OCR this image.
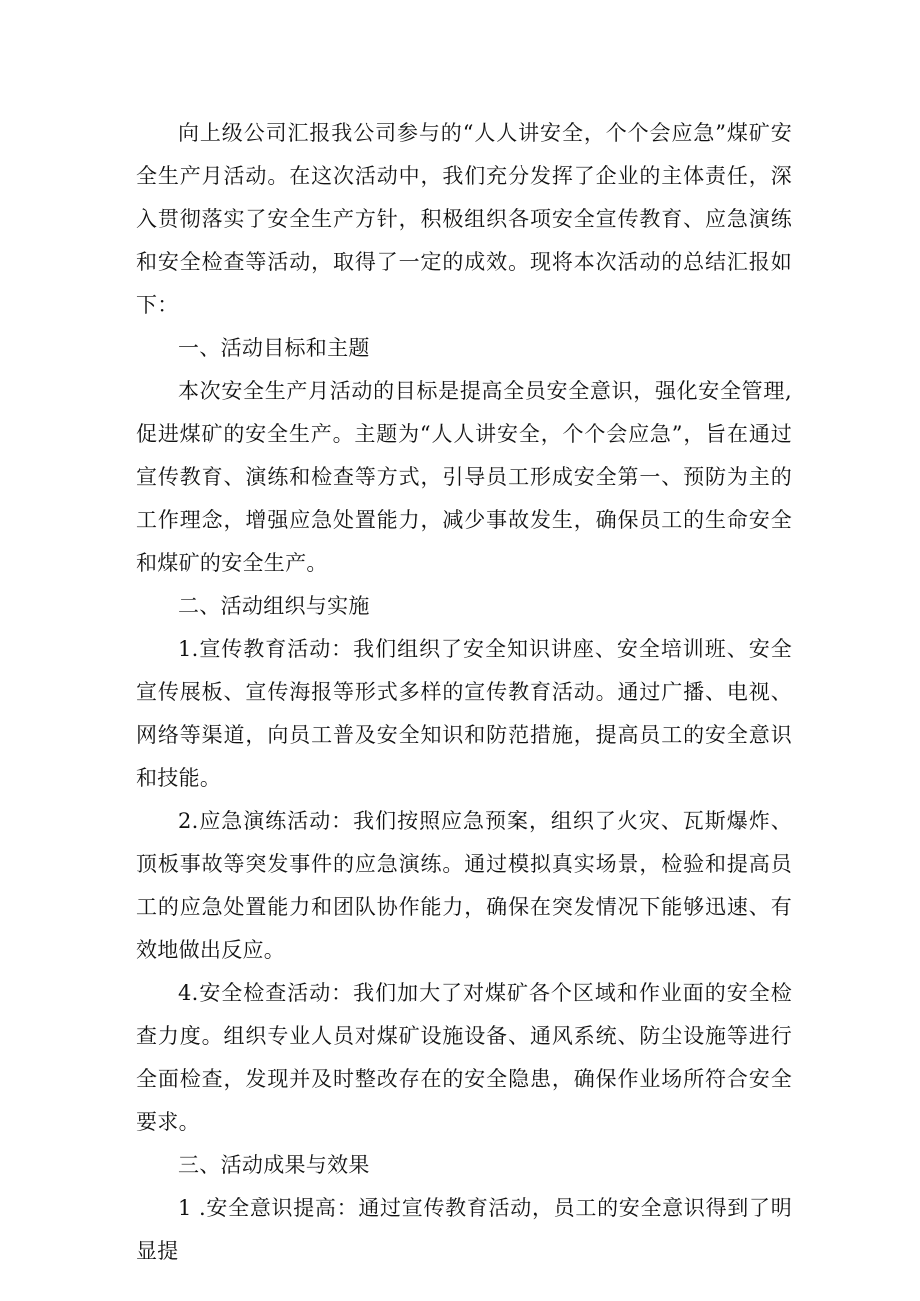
向上级公司汇报我公司参与的“人人讲安全，个个会应急”煤矿安全生产月活动。在这次活动中，我们充分发挥了企业的主体责任，深入贯彻落实了安全生产方针，积极组织各项安全宣传教育、应急演练和安全检查等活动，取得了一定的成效。现将本次活动的总结汇报如下：

一、活动目标和主题

本次安全生产月活动的目标是提高全员安全意识，强化安全管理,促进煤矿的安全生产。主题为“人人讲安全，个个会应急”，旨在通过宣传教育、演练和检查等方式，引导员工形成安全第一、预防为主的工作理念，增强应急处置能力，减少事故发生，确保员工的生命安全和煤矿的安全生产。

二、活动组织与实施

1.宣传教育活动：我们组织了安全知识讲座、安全培训班、安全宣传展板、宣传海报等形式多样的宣传教育活动。通过广播、电视、网络等渠道，向员工普及安全知识和防范措施，提高员工的安全意识和技能。

2.应急演练活动：我们按照应急预案，组织了火灾、瓦斯爆炸、顶板事故等突发事件的应急演练。通过模拟真实场景，检验和提高员工的应急处置能力和团队协作能力，确保在突发情况下能够迅速、有效地做出反应。

4.安全检查活动：我们加大了对煤矿各个区域和作业面的安全检查力度。组织专业人员对煤矿设施设备、通风系统、防尘设施等进行全面检查，发现并及时整改存在的安全隐患，确保作业场所符合安全要求。

三、活动成果与效果

1 .安全意识提高：通过宣传教育活动，员工的安全意识得到了明显提
